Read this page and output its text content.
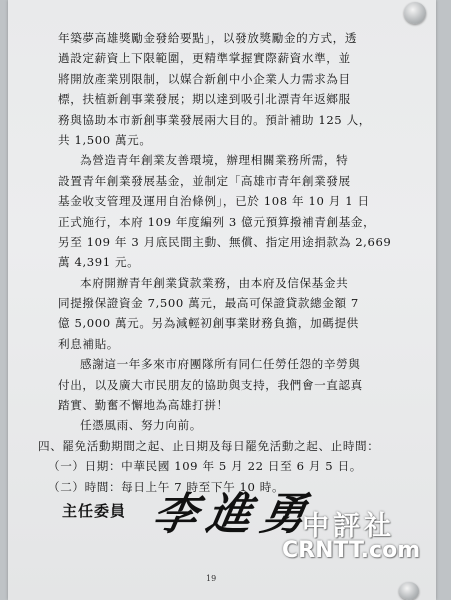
年築夢高雄獎勵金發給要點」，以發放獎勵金的方式，透
過設定薪資上下限範圍，更精準掌握實際薪資水準，並
將開放產業別限制，以媒合新創中小企業人力需求為目
標，扶植新創事業發展；期以達到吸引北漂青年返鄉服
務與協助本市新創事業發展兩大目的。預計補助 125 人，
共 1,500 萬元。
為營造青年創業友善環境，辦理相關業務所需，特
設置青年創業發展基金，並制定「高雄市青年創業發展
基金收支管理及運用自治條例」，已於 108 年 10 月 1 日
正式施行，本府 109 年度編列 3 億元預算撥補青創基金，
另至 109 年 3 月底民間主動、無償、指定用途捐款為 2,669
萬 4,391 元。
本府開辦青年創業貸款業務，由本府及信保基金共
同提撥保證資金 7,500 萬元，最高可保證貸款總金額 7
億 5,000 萬元。另為減輕初創事業財務負擔，加碼提供
利息補貼。
感謝這一年多來市府團隊所有同仁任勞任怨的辛勞與
付出，以及廣大市民朋友的協助與支持，我們會一直認真
踏實、勤奮不懈地為高雄打拼！
任憑風雨、努力向前。
四、罷免活動期間之起、止日期及每日罷免活動之起、止時間：
（一）日期：中華民國 109 年 5 月 22 日至 6 月 5 日。
（二）時間：每日上午 7 時至下午 10 時。
主任委員 李進勇
19
中評社
CRNTT.com
